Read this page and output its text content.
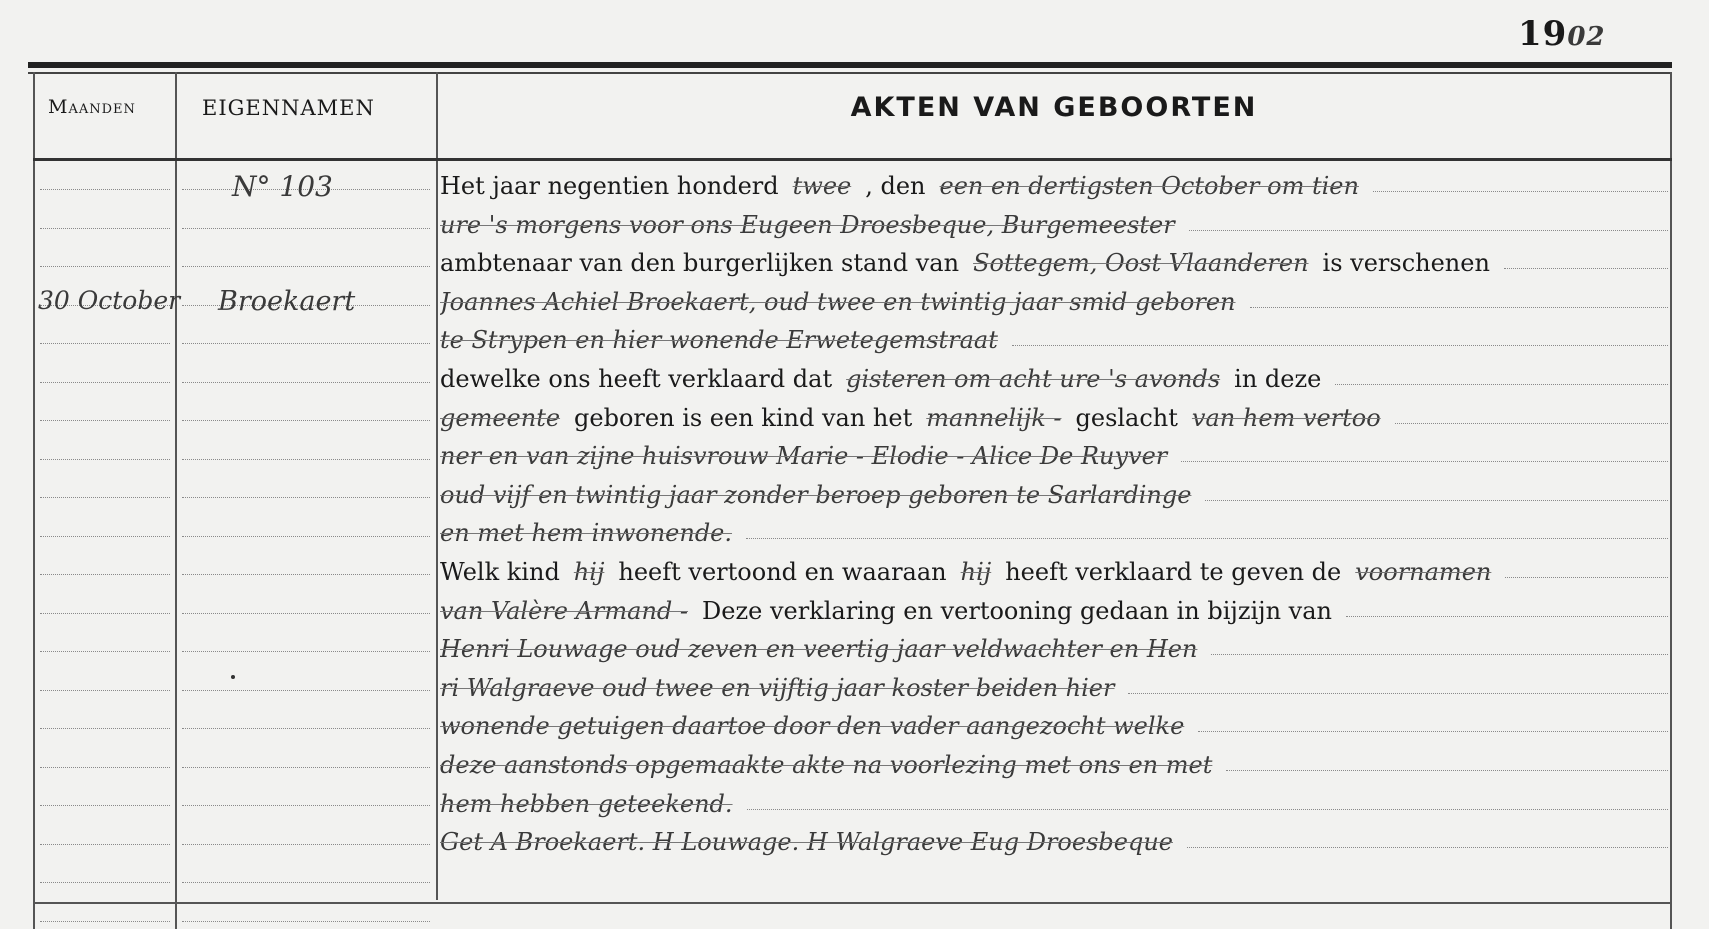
1902
Maanden	EIGENNAMEN	AKTEN VAN GEBOORTEN
N° 103
30 October Broekaert
Het jaar negentien honderd twee , den een en dertigsten October om tien
ure 's morgens voor ons Eugeen Droesbeque, Burgemeester
ambtenaar van den burgerlijken stand van Sottegem, Oost Vlaanderen is verschenen
Joannes Achiel Broekaert, oud twee en twintig jaar smid geboren
te Strypen en hier wonende Erwetegemstraat
dewelke ons heeft verklaard dat gisteren om acht ure 's avonds in deze
gemeente geboren is een kind van het mannelijk - geslacht van hem vertoo
ner en van zijne huisvrouw Marie - Elodie - Alice De Ruyver
oud vijf en twintig jaar zonder beroep geboren te Sarlardinge
en met hem inwonende.
Welk kind hij heeft vertoond en waaraan hij heeft verklaard te geven de voornamen
van Valère Armand - Deze verklaring en vertooning gedaan in bijzijn van
Henri Louwage oud zeven en veertig jaar veldwachter en Hen
ri Walgraeve oud twee en vijftig jaar koster beiden hier
wonende getuigen daartoe door den vader aangezocht welke
deze aanstonds opgemaakte akte na voorlezing met ons en met
hem hebben geteekend.
Get A Broekaert. H Louwage. H Walgraeve Eug Droesbeque
